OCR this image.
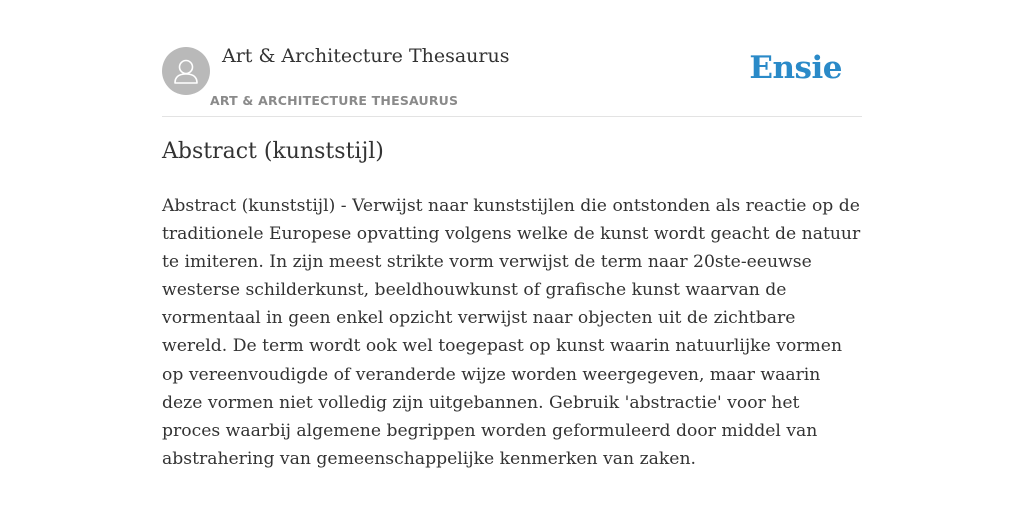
Art & Architecture Thesaurus
ART & ARCHITECTURE THESAURUS
Ensie
Abstract (kunststijl)

Abstract (kunststijl) - Verwijst naar kunststijlen die ontstonden als reactie op de traditionele Europese opvatting volgens welke de kunst wordt geacht de natuur te imiteren. In zijn meest strikte vorm verwijst de term naar 20ste-eeuwse westerse schilderkunst, beeldhouwkunst of grafische kunst waarvan de vormentaal in geen enkel opzicht verwijst naar objecten uit de zichtbare wereld. De term wordt ook wel toegepast op kunst waarin natuurlijke vormen op vereenvoudigde of veranderde wijze worden weergegeven, maar waarin deze vormen niet volledig zijn uitgebannen. Gebruik 'abstractie' voor het proces waarbij algemene begrippen worden geformuleerd door middel van abstrahering van gemeenschappelijke kenmerken van zaken.
